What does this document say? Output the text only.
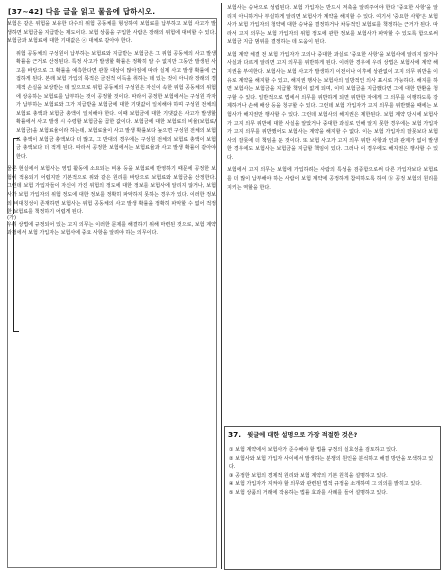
[37~42] 다음 글을 읽고 물음에 답하시오.
(가)

보험은 같은 위험을 보유한 다수의 위험 공동체를 형성하여 보험료를 납부하고 보험 사고가 발생하면 보험금을 지급받는 제도이다. 보험 상품을 구입한 사람은 장래의 위험에 대비할 수 있다. 보험금과 보험료에 대한 기대값은 ⓐ 대체로 같아야 한다.

위험 공동체의 구성원이 납부하는 보험료와 지급받는 보험금은 그 위험 공동체의 사고 발생 확률을 근거로 산정된다. 특정 사고가 발생할 확률은 정확히 알 수 없지만 그동안 발생된 사고를 바탕으로 그 확률을 예측한다면 관찰 대상이 많아짐에 따라 실제 사고 발생 확률에 근접하게 된다. 본래 보험 가입의 목적은 금전적 이득을 취하는 데 있는 것이 아니라 장래의 경제적 손실을 보상받는 데 있으므로 위험 공동체의 구성원은 자신이 속한 위험 공동체의 위험에 상응하는 보험료를 납부하는 것이 공정할 것이다. 따라서 공정한 보험에서는 구성원 각자가 납부하는 보험료와 그가 지급받을 보험금에 대한 기댓값이 일치해야 하며 구성원 전체의 보험료 총액과 보험금 총액이 일치해야 한다. 이때 보험금에 대한 기댓값은 사고가 발생할 확률에서 사고 발생 시 수령할 보험금을 곱한 값이다. 보험금에 대한 보험료의 비율(보험료/보험금)을 보험료율이라 하는데, 보험료율이 사고 발생 확률보다 높으면 구성원 전체의 보험료 총액이 보험금 총액보다 더 많고, 그 반대의 경우에는 구성원 전체의 보험료 총액이 보험금 총액보다 더 적게 된다. 따라서 공정한 보험에서는 보험료율과 사고 발생 확률이 같아야 한다.

물론 현실에서 보험사는 영업 활동에 소요되는 비용 등을 보험료에 반영하기 때문에 공정한 보험이 적용되기 어렵지만 기본적으로 위와 같은 원리를 바탕으로 보험료와 보험금을 산정한다. 그런데 보험 가입자들이 자신이 가진 위험의 정도에 대한 정보를 보험사에 알리지 않거나, 보험사가 보험 가입자의 위험 정도에 대한 정보를 정확히 파악하지 못하는 경우가 있다. 이러한 정보의 비대칭성이 존재하면 보험사는 위험 공동체의 사고 발생 확률을 정확히 파악할 수 없어 적정한 보험료를 책정하기 어렵게 된다.

우리 상법에 규정되어 있는 고지 의무는 이러한 문제를 해결하기 위해 마련된 것으로, 보험 계약 과정에서 보험 가입자는 보험사에 중요 사항을 알려야 하는 의무이다.

보험사는 승낙으로 성립된다. 보험 가입자는 반드시 저축을 알려주어야 한다 '중요한 사항'을 알리지 아니하거나 부실하게 알리면 보험사가 계약을 해지할 수 있다. 여기서 '중요한 사항'은 보험사가 보험 가입자의 청약에 대한 승낙을 결정하거나 차등적인 보험료를 책정하는 근거가 된다. 따라서 고지 의무는 보험 가입자의 위험 정도에 관한 정보를 보험사가 파악할 수 있도록 함으로써 보험금 지급 범위를 결정하는 데 도움이 된다.

보험 계약 체결 전 보험 가입자가 고의나 중대한 과실로 '중요한 사항'을 보험사에 알리지 않거나 사실과 다르게 알리면 고지 의무를 위반하게 된다. 이러한 경우에 우리 상법은 보험사에 계약 해지권을 부여한다. 보험사는 보험 사고가 발생하기 이전이나 이후에 상관없이 고지 의무 위반을 이유로 계약을 해지할 수 있고, 해지권 행사는 보험사의 일방적인 의사 표시로 가능하다. 해지를 하면 보험사는 보험금을 지급할 책임이 없게 되며, 이미 보험금을 지급했다면 그에 대한 반환을 청구할 수 있다. 일반적으로 법에서 의무를 위반하게 되면 위반한 자에게 그 의무를 이행하도록 강제하거나 손해 배상 등을 청구할 수 있다. 그런데 보험 가입자가 고지 의무를 위반했을 때에는 보험사가 해지권만 행사할 수 있다. 그런데 보험사의 해지권은 제한된다. 보험 계약 당시에 보험사가 고지 의무 위반에 대한 사실을 알았거나 중대한 과실로 인해 알지 못한 경우에는 보험 가입자가 고지 의무를 위반했어도 보험사는 계약을 해지할 수 없다. 이는 보험 가입자의 잘못보다 보험사의 잘못에 더 책임을 둔 것이다. 또 보험 사고가 고지 의무 위반 사항과 인과 관계가 없이 발생한 경우에도 보험사는 보험금을 지급할 책임이 있다. 그러나 이 경우에도 해지권은 행사할 수 있다.

보험에서 고지 의무는 보험에 가입하려는 사람의 특성을 검증함으로써 다른 가입자보다 보험료를 더 많이 납부해야 하는 사람이 보험 계약에 공정하게 참여하도록 하여 ⓑ 공정 보험의 원리를 지키는 역할을 한다.

37. 윗글에 대한 설명으로 가장 적절한 것은?

① 보험 계약에서 보험사가 준수해야 할 법률 규정의 실효성을 검토하고 있다.

② 보험사와 보험 가입자 사이에서 발생하는 분쟁의 원인을 분석하고 해결 방안을 모색하고 있다.

③ 공정한 보험의 경제적 원리와 보험 계약의 기본 원칙을 설명하고 있다.

④ 보험 가입자가 지켜야 할 의무와 관련된 법적 규정을 소개하며 그 의의를 밝히고 있다.

⑤ 보험 상품의 거래에 작용하는 법률 효과를 사례를 들어 설명하고 있다.
